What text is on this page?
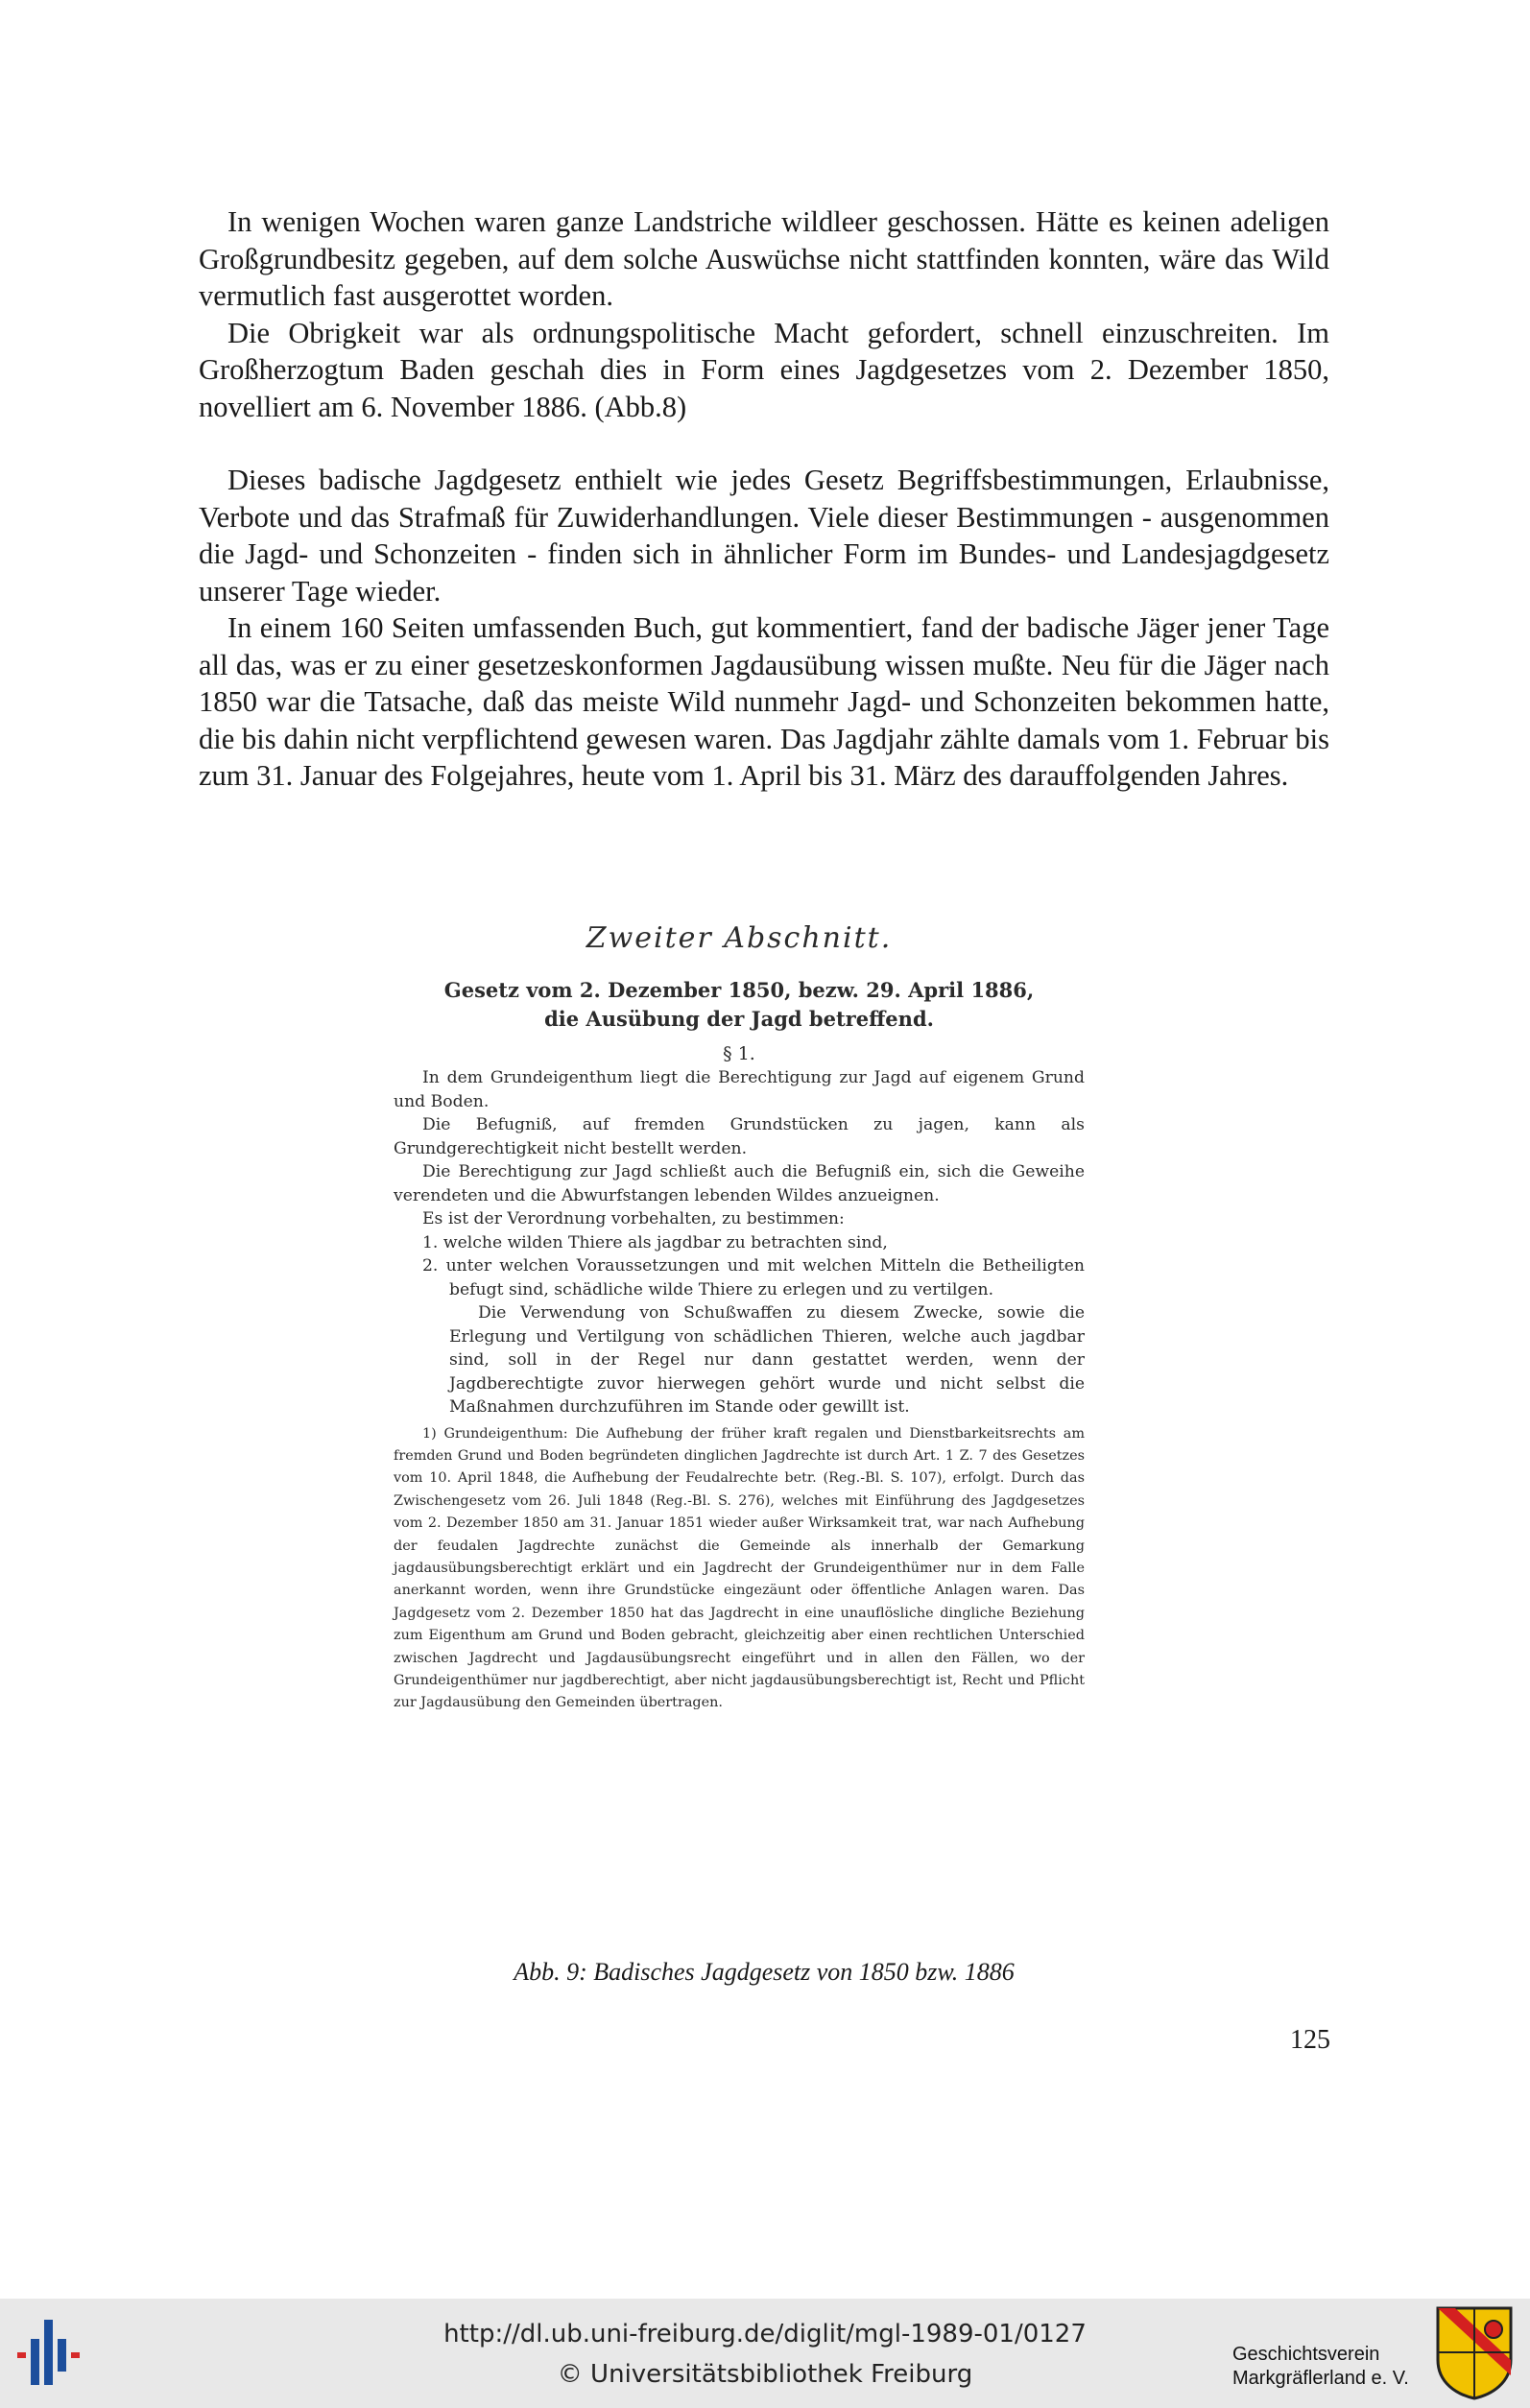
In wenigen Wochen waren ganze Landstriche wildleer geschossen. Hätte es keinen adeligen Großgrundbesitz gegeben, auf dem solche Auswüchse nicht stattfinden konnten, wäre das Wild vermutlich fast ausgerottet worden.

Die Obrigkeit war als ordnungspolitische Macht gefordert, schnell einzuschreiten. Im Großherzogtum Baden geschah dies in Form eines Jagdgesetzes vom 2. Dezember 1850, novelliert am 6. November 1886. (Abb.8)

Dieses badische Jagdgesetz enthielt wie jedes Gesetz Begriffsbestimmungen, Erlaubnisse, Verbote und das Strafmaß für Zuwiderhandlungen. Viele dieser Bestimmungen - ausgenommen die Jagd- und Schonzeiten - finden sich in ähnlicher Form im Bundes- und Landesjagdgesetz unserer Tage wieder.

In einem 160 Seiten umfassenden Buch, gut kommentiert, fand der badische Jäger jener Tage all das, was er zu einer gesetzeskonformen Jagdausübung wissen mußte. Neu für die Jäger nach 1850 war die Tatsache, daß das meiste Wild nunmehr Jagd- und Schonzeiten bekommen hatte, die bis dahin nicht verpflichtend gewesen waren. Das Jagdjahr zählte damals vom 1. Februar bis zum 31. Januar des Folgejahres, heute vom 1. April bis 31. März des darauffolgenden Jahres.

Zweiter Abschnitt.
Gesetz vom 2. Dezember 1850, bezw. 29. April 1886,
die Ausübung der Jagd betreffend.
§ 1.

In dem Grundeigenthum liegt die Berechtigung zur Jagd auf eigenem Grund und Boden.

Die Befugniß, auf fremden Grundstücken zu jagen, kann als Grundgerechtigkeit nicht bestellt werden.

Die Berechtigung zur Jagd schließt auch die Befugniß ein, sich die Geweihe verendeten und die Abwurfstangen lebenden Wildes anzueignen.

Es ist der Verordnung vorbehalten, zu bestimmen:

1. welche wilden Thiere als jagdbar zu betrachten sind,

2. unter welchen Voraussetzungen und mit welchen Mitteln die Betheiligten befugt sind, schädliche wilde Thiere zu erlegen und zu vertilgen.

Die Verwendung von Schußwaffen zu diesem Zwecke, sowie die Erlegung und Vertilgung von schädlichen Thieren, welche auch jagdbar sind, soll in der Regel nur dann gestattet werden, wenn der Jagdberechtigte zuvor hierwegen gehört wurde und nicht selbst die Maßnahmen durchzuführen im Stande oder gewillt ist.

1) Grundeigenthum: Die Aufhebung der früher kraft regalen und Dienstbarkeitsrechts am fremden Grund und Boden begründeten dinglichen Jagdrechte ist durch Art. 1 Z. 7 des Gesetzes vom 10. April 1848, die Aufhebung der Feudalrechte betr. (Reg.-Bl. S. 107), erfolgt. Durch das Zwischengesetz vom 26. Juli 1848 (Reg.-Bl. S. 276), welches mit Einführung des Jagdgesetzes vom 2. Dezember 1850 am 31. Januar 1851 wieder außer Wirksamkeit trat, war nach Aufhebung der feudalen Jagdrechte zunächst die Gemeinde als innerhalb der Gemarkung jagdausübungsberechtigt erklärt und ein Jagdrecht der Grundeigenthümer nur in dem Falle anerkannt worden, wenn ihre Grundstücke eingezäunt oder öffentliche Anlagen waren. Das Jagdgesetz vom 2. Dezember 1850 hat das Jagdrecht in eine unauflösliche dingliche Beziehung zum Eigenthum am Grund und Boden gebracht, gleichzeitig aber einen rechtlichen Unterschied zwischen Jagdrecht und Jagdausübungsrecht eingeführt und in allen den Fällen, wo der Grundeigenthümer nur jagdberechtigt, aber nicht jagdausübungsberechtigt ist, Recht und Pflicht zur Jagdausübung den Gemeinden übertragen.

Abb. 9: Badisches Jagdgesetz von 1850 bzw. 1886
125
http://dl.ub.uni-freiburg.de/diglit/mgl-1989-01/0127
© Universitätsbibliothek Freiburg
Geschichtsverein
Markgräflerland e. V.
